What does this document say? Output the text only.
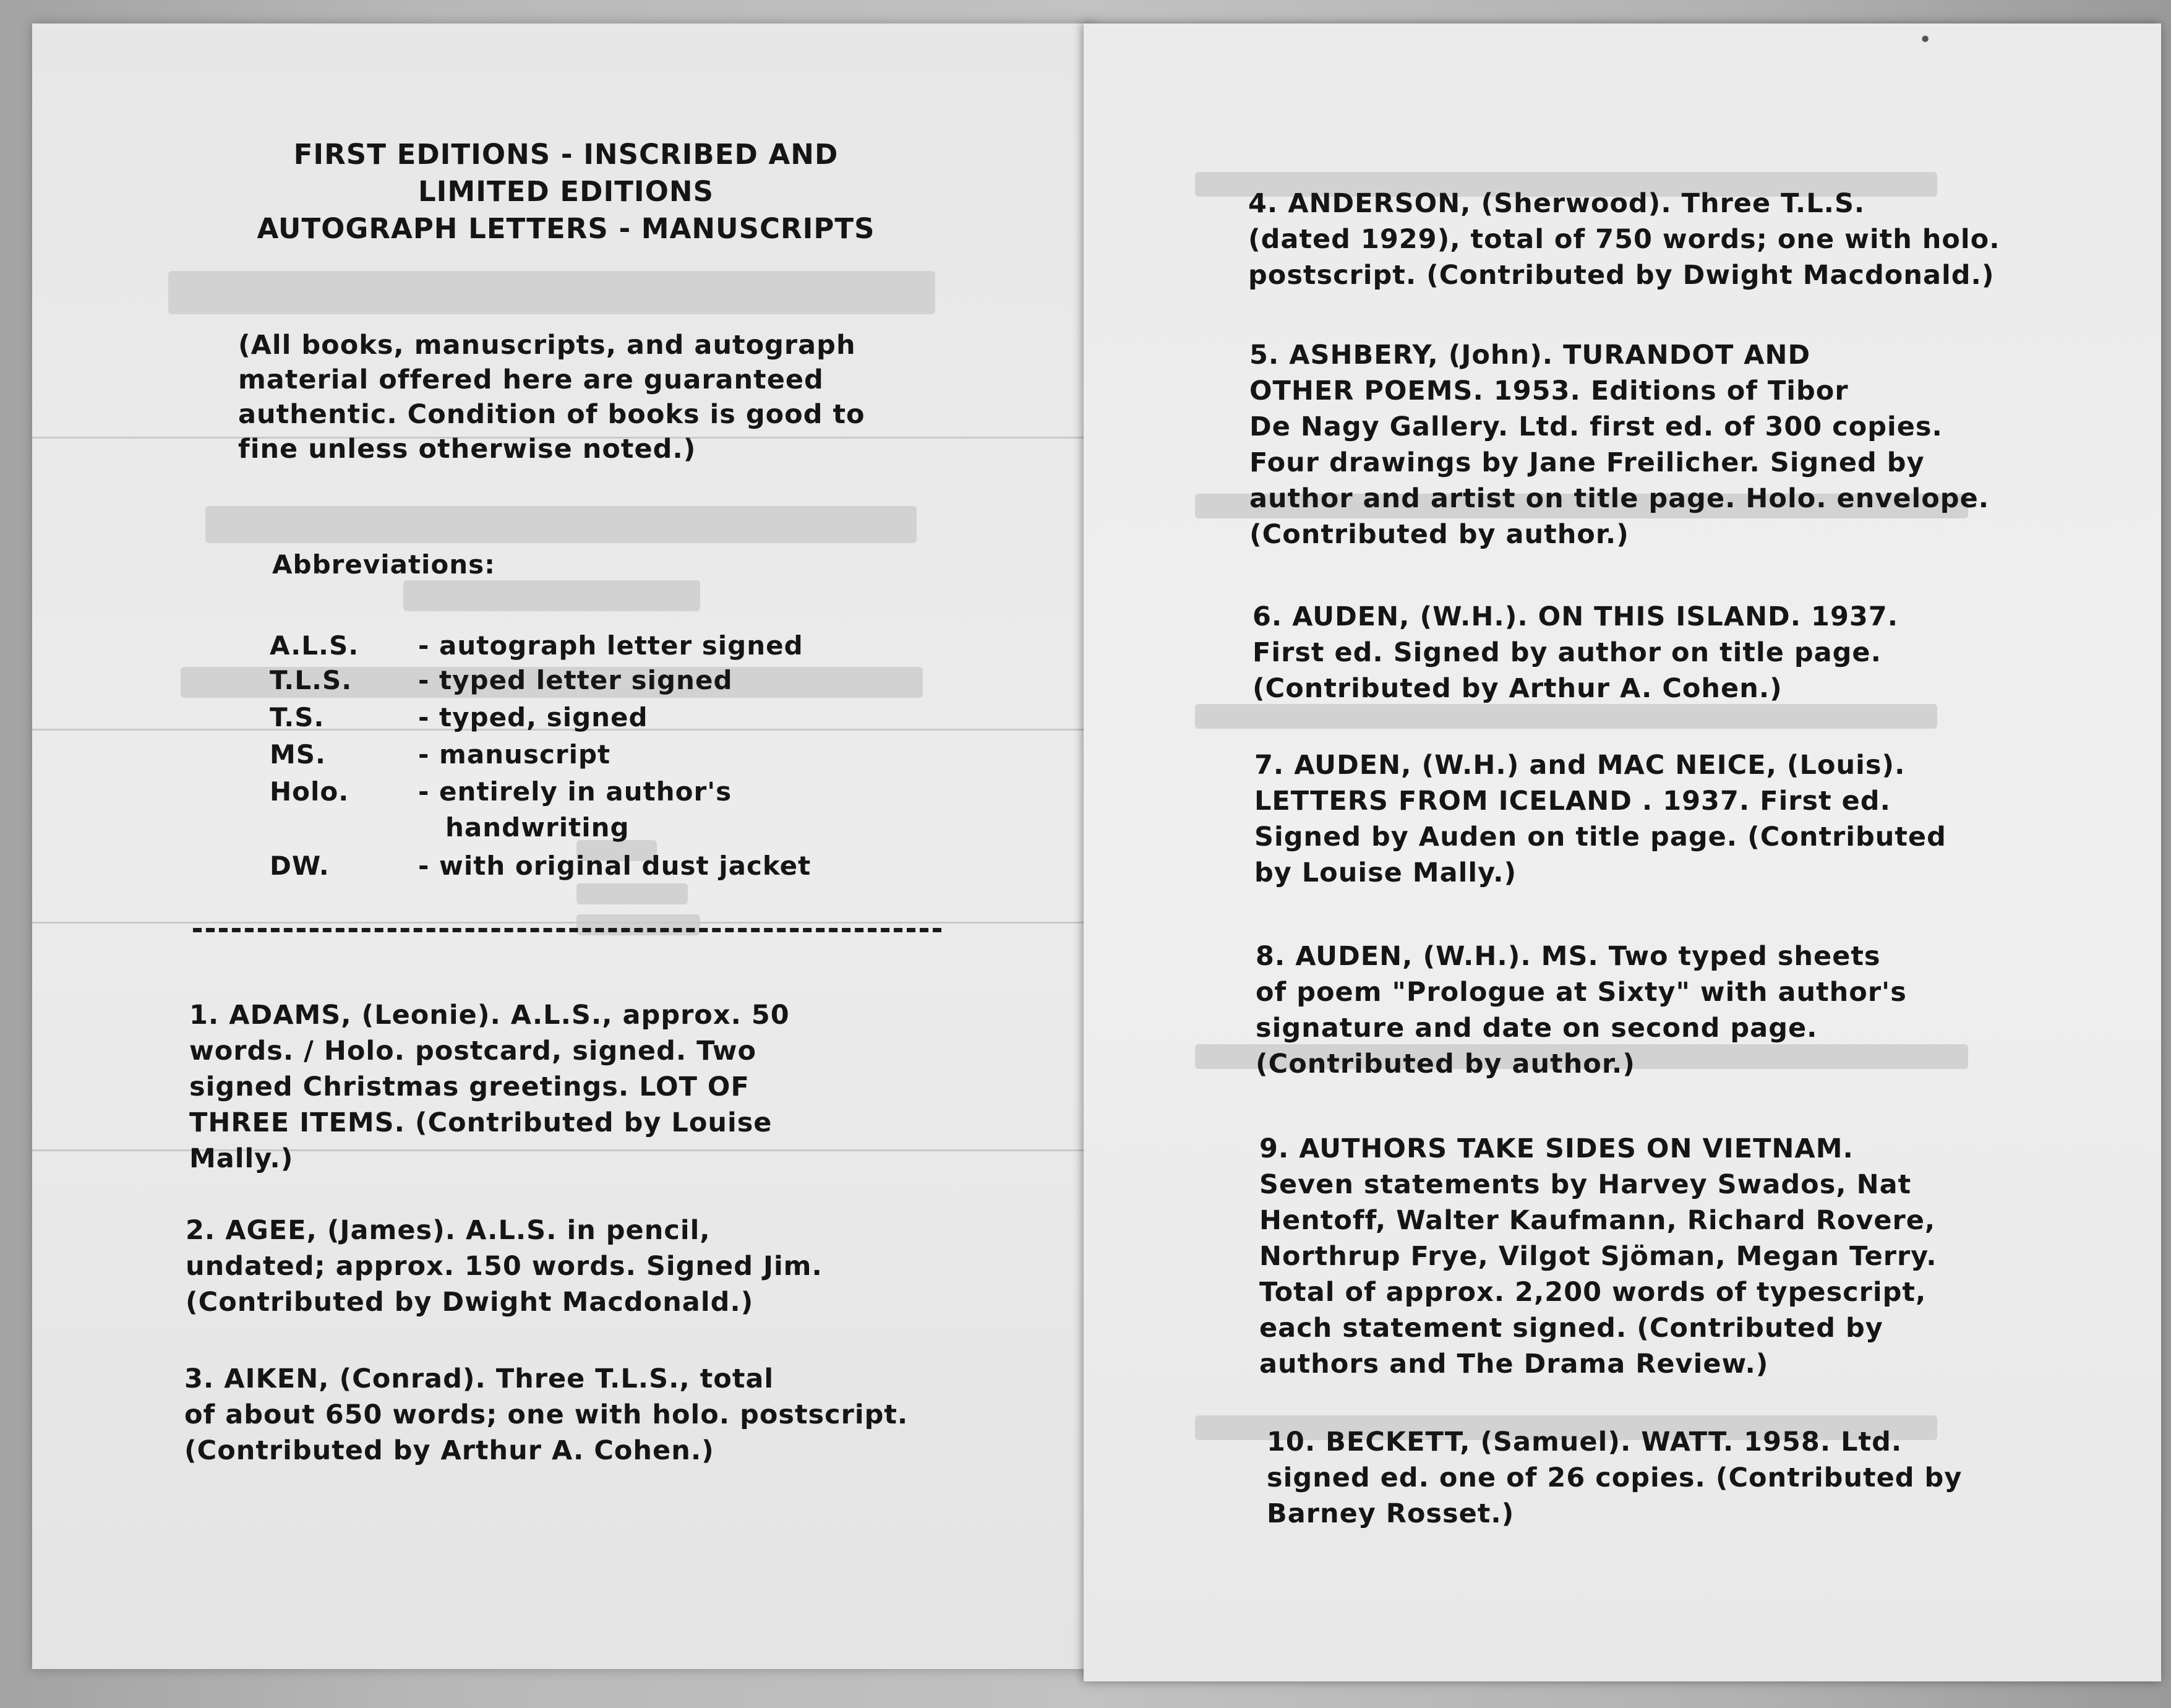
•
FIRST EDITIONS - INSCRIBED AND
LIMITED EDITIONS
AUTOGRAPH LETTERS - MANUSCRIPTS
(All books, manuscripts, and autograph
material offered here are guaranteed
authentic. Condition of books is good to
fine unless otherwise noted.)
Abbreviations:
A.L.S. - autograph letter signed
T.L.S.	- typed letter signed
T.S.	- typed, signed
MS.	- manuscript
Holo.	- entirely in author's
handwriting
DW.	- with original dust jacket
1. ADAMS, (Leonie). A.L.S., approx. 50
words. / Holo. postcard, signed. Two
signed Christmas greetings. LOT OF
THREE ITEMS. (Contributed by Louise
Mally.)
2. AGEE, (James). A.L.S. in pencil,
undated; approx. 150 words. Signed Jim.
(Contributed by Dwight Macdonald.)
3. AIKEN, (Conrad). Three T.L.S., total
of about 650 words; one with holo. postscript.
(Contributed by Arthur A. Cohen.)
4. ANDERSON, (Sherwood). Three T.L.S.
(dated 1929), total of 750 words; one with holo.
postscript. (Contributed by Dwight Macdonald.)
5. ASHBERY, (John). TURANDOT AND
OTHER POEMS. 1953. Editions of Tibor
De Nagy Gallery. Ltd. first ed. of 300 copies.
Four drawings by Jane Freilicher. Signed by
author and artist on title page. Holo. envelope.
(Contributed by author.)
6. AUDEN, (W.H.). ON THIS ISLAND. 1937.
First ed. Signed by author on title page.
(Contributed by Arthur A. Cohen.)
7. AUDEN, (W.H.) and MAC NEICE, (Louis).
LETTERS FROM ICELAND . 1937. First ed.
Signed by Auden on title page. (Contributed
by Louise Mally.)
8. AUDEN, (W.H.). MS. Two typed sheets
of poem "Prologue at Sixty" with author's
signature and date on second page.
(Contributed by author.)
9. AUTHORS TAKE SIDES ON VIETNAM.
Seven statements by Harvey Swados, Nat
Hentoff, Walter Kaufmann, Richard Rovere,
Northrup Frye, Vilgot Sjöman, Megan Terry.
Total of approx. 2,200 words of typescript,
each statement signed. (Contributed by
authors and The Drama Review.)
10. BECKETT, (Samuel). WATT. 1958. Ltd.
signed ed. one of 26 copies. (Contributed by
Barney Rosset.)
